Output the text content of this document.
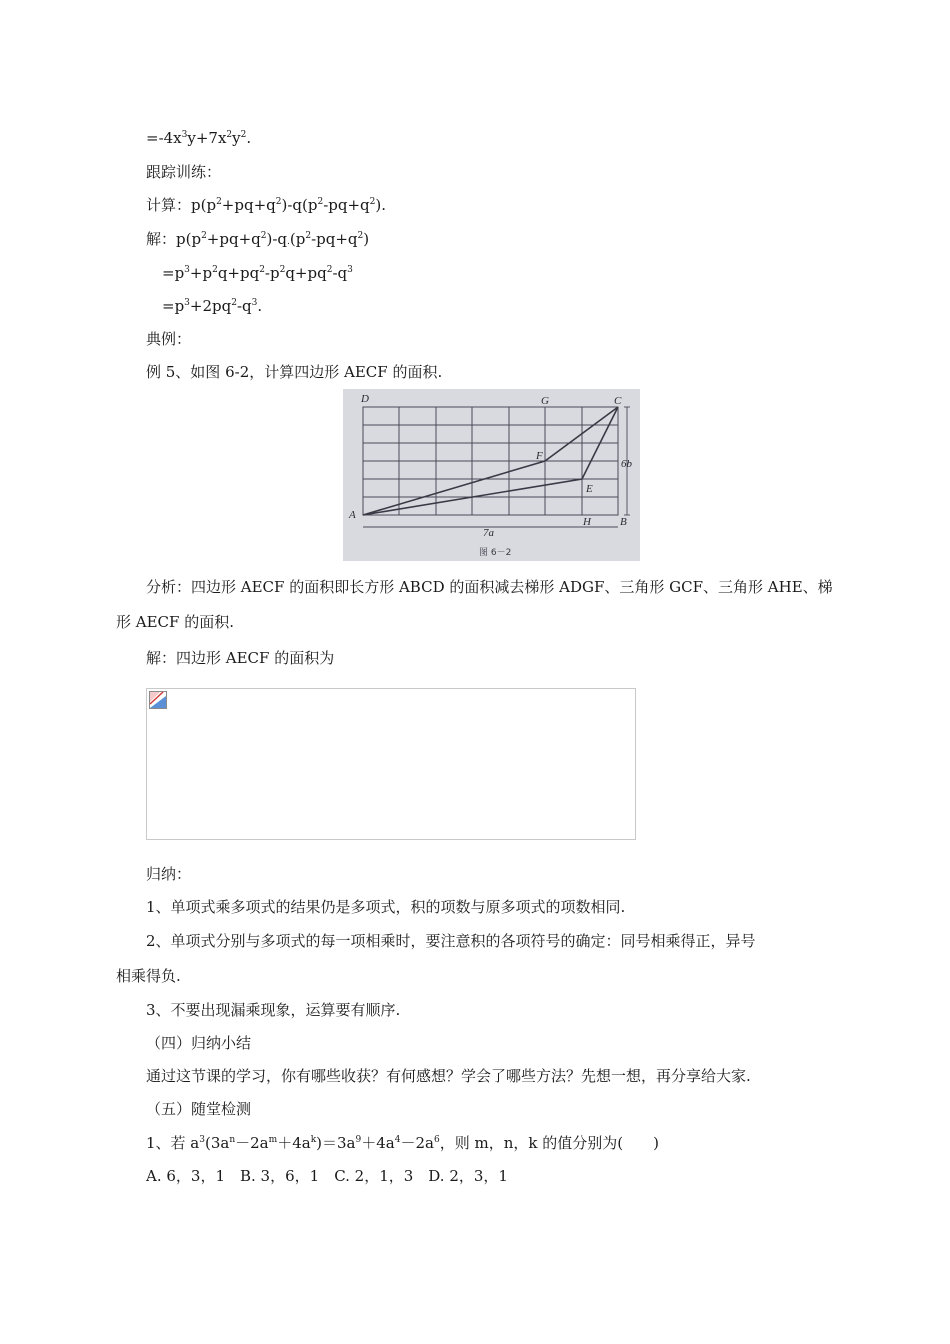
$=-4x^3y+7x^2y^2$.
跟踪训练：
计算：$p(p^2+pq+q^2)-q(p^2-pq+q^2)$.
解：$p(p^2+pq+q^2)-q.(p^2-pq+q^2)$
$=p^3+p^2q+pq^2-p^2q+pq^2-q^3$
$=p^3+2pq^2-q^3$.
典例：
例 5、如图 6-2，计算四边形 AECF 的面积.
D	G	C
F
E
A
H	B
7a
6b
图 6－2
分析：四边形 AECF 的面积即长方形 ABCD 的面积减去梯形 ADGF、三角形 GCF、三角形 AHE、梯
形 AECF 的面积.
解：四边形 AECF 的面积为
归纳：
1、单项式乘多项式的结果仍是多项式，积的项数与原多项式的项数相同.
2、单项式分别与多项式的每一项相乘时，要注意积的各项符号的确定：同号相乘得正，异号
相乘得负.
3、不要出现漏乘现象，运算要有顺序.
（四）归纳小结
通过这节课的学习，你有哪些收获？有何感想？学会了哪些方法？先想一想，再分享给大家.
（五）随堂检测
1、若 $a^3(3a^n-2a^m+4a^k)=3a^9+4a^4-2a^6$，则 m，n，k 的值分别为(　　)
A. 6，3，1　B. 3，6，1　C. 2，1，3　D. 2，3，1
